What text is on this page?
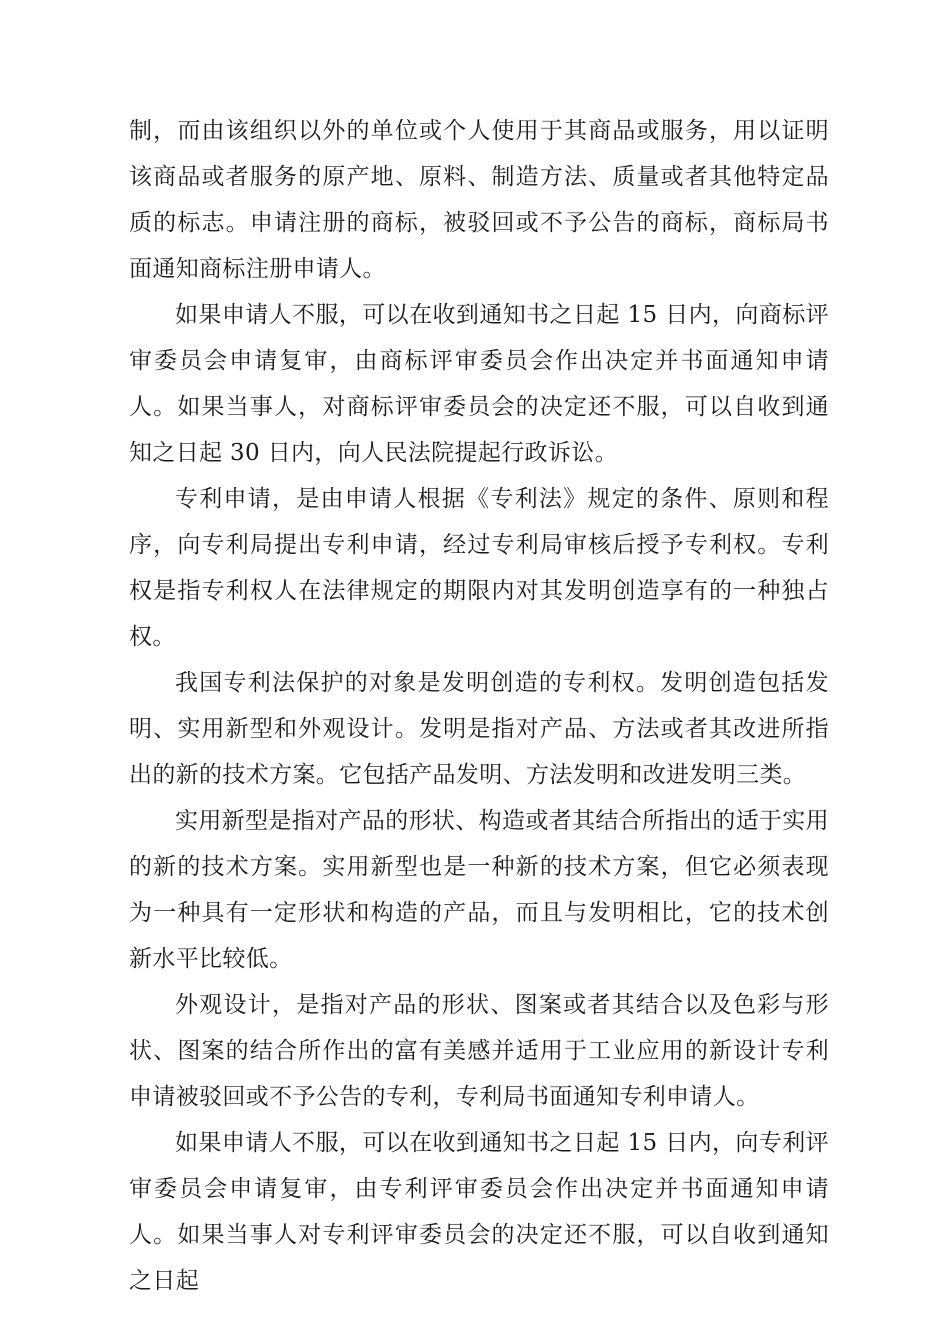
制，而由该组织以外的单位或个人使用于其商品或服务，用以证明该商品或者服务的原产地、原料、制造方法、质量或者其他特定品质的标志。申请注册的商标，被驳回或不予公告的商标，商标局书面通知商标注册申请人。

如果申请人不服，可以在收到通知书之日起 15 日内，向商标评审委员会申请复审，由商标评审委员会作出决定并书面通知申请人。如果当事人，对商标评审委员会的决定还不服，可以自收到通知之日起 30 日内，向人民法院提起行政诉讼。

专利申请，是由申请人根据《专利法》规定的条件、原则和程序，向专利局提出专利申请，经过专利局审核后授予专利权。专利权是指专利权人在法律规定的期限内对其发明创造享有的一种独占权。

我国专利法保护的对象是发明创造的专利权。发明创造包括发明、实用新型和外观设计。发明是指对产品、方法或者其改进所指出的新的技术方案。它包括产品发明、方法发明和改进发明三类。

实用新型是指对产品的形状、构造或者其结合所指出的适于实用的新的技术方案。实用新型也是一种新的技术方案，但它必须表现为一种具有一定形状和构造的产品，而且与发明相比，它的技术创新水平比较低。

外观设计，是指对产品的形状、图案或者其结合以及色彩与形状、图案的结合所作出的富有美感并适用于工业应用的新设计专利申请被驳回或不予公告的专利，专利局书面通知专利申请人。

如果申请人不服，可以在收到通知书之日起 15 日内，向专利评审委员会申请复审，由专利评审委员会作出决定并书面通知申请人。如果当事人对专利评审委员会的决定还不服，可以自收到通知之日起
